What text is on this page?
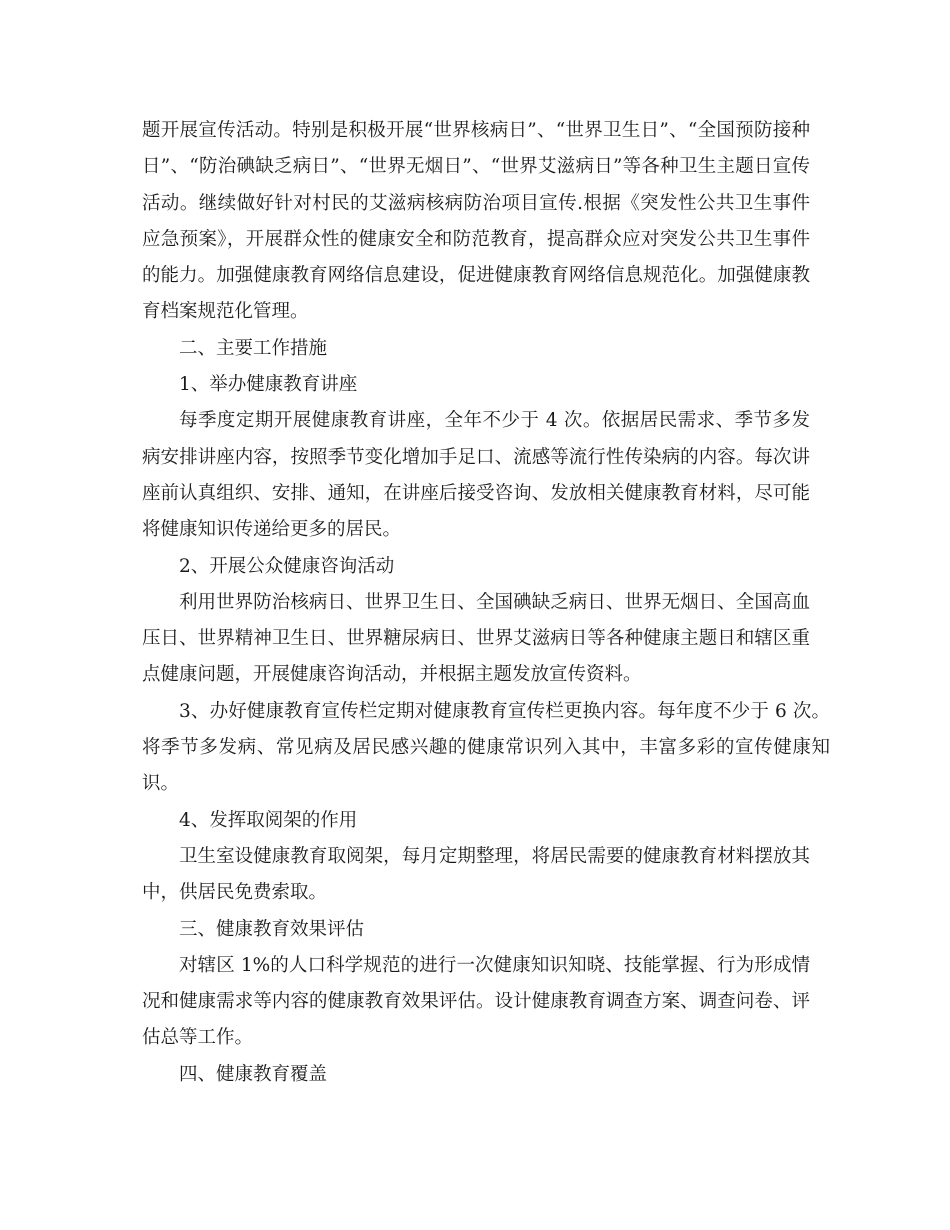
题开展宣传活动。特别是积极开展“世界核病日”、“世界卫生日”、“全国预防接种日”、“防治碘缺乏病日”、“世界无烟日”、“世界艾滋病日”等各种卫生主题日宣传活动。继续做好针对村民的艾滋病核病防治项目宣传.根据《突发性公共卫生事件应急预案》，开展群众性的健康安全和防范教育，提高群众应对突发公共卫生事件的能力。加强健康教育网络信息建设，促进健康教育网络信息规范化。加强健康教育档案规范化管理。

二、主要工作措施

1、举办健康教育讲座

每季度定期开展健康教育讲座，全年不少于 4 次。依据居民需求、季节多发病安排讲座内容，按照季节变化增加手足口、流感等流行性传染病的内容。每次讲座前认真组织、安排、通知，在讲座后接受咨询、发放相关健康教育材料，尽可能将健康知识传递给更多的居民。

2、开展公众健康咨询活动

利用世界防治核病日、世界卫生日、全国碘缺乏病日、世界无烟日、全国高血压日、世界精神卫生日、世界糖尿病日、世界艾滋病日等各种健康主题日和辖区重点健康问题，开展健康咨询活动，并根据主题发放宣传资料。

3、办好健康教育宣传栏定期对健康教育宣传栏更换内容。每年度不少于 6 次。将季节多发病、常见病及居民感兴趣的健康常识列入其中，丰富多彩的宣传健康知识。

4、发挥取阅架的作用

卫生室设健康教育取阅架，每月定期整理，将居民需要的健康教育材料摆放其中，供居民免费索取。

三、健康教育效果评估

对辖区 1%的人口科学规范的进行一次健康知识知晓、技能掌握、行为形成情况和健康需求等内容的健康教育效果评估。设计健康教育调查方案、调查问卷、评估总等工作。

四、健康教育覆盖
